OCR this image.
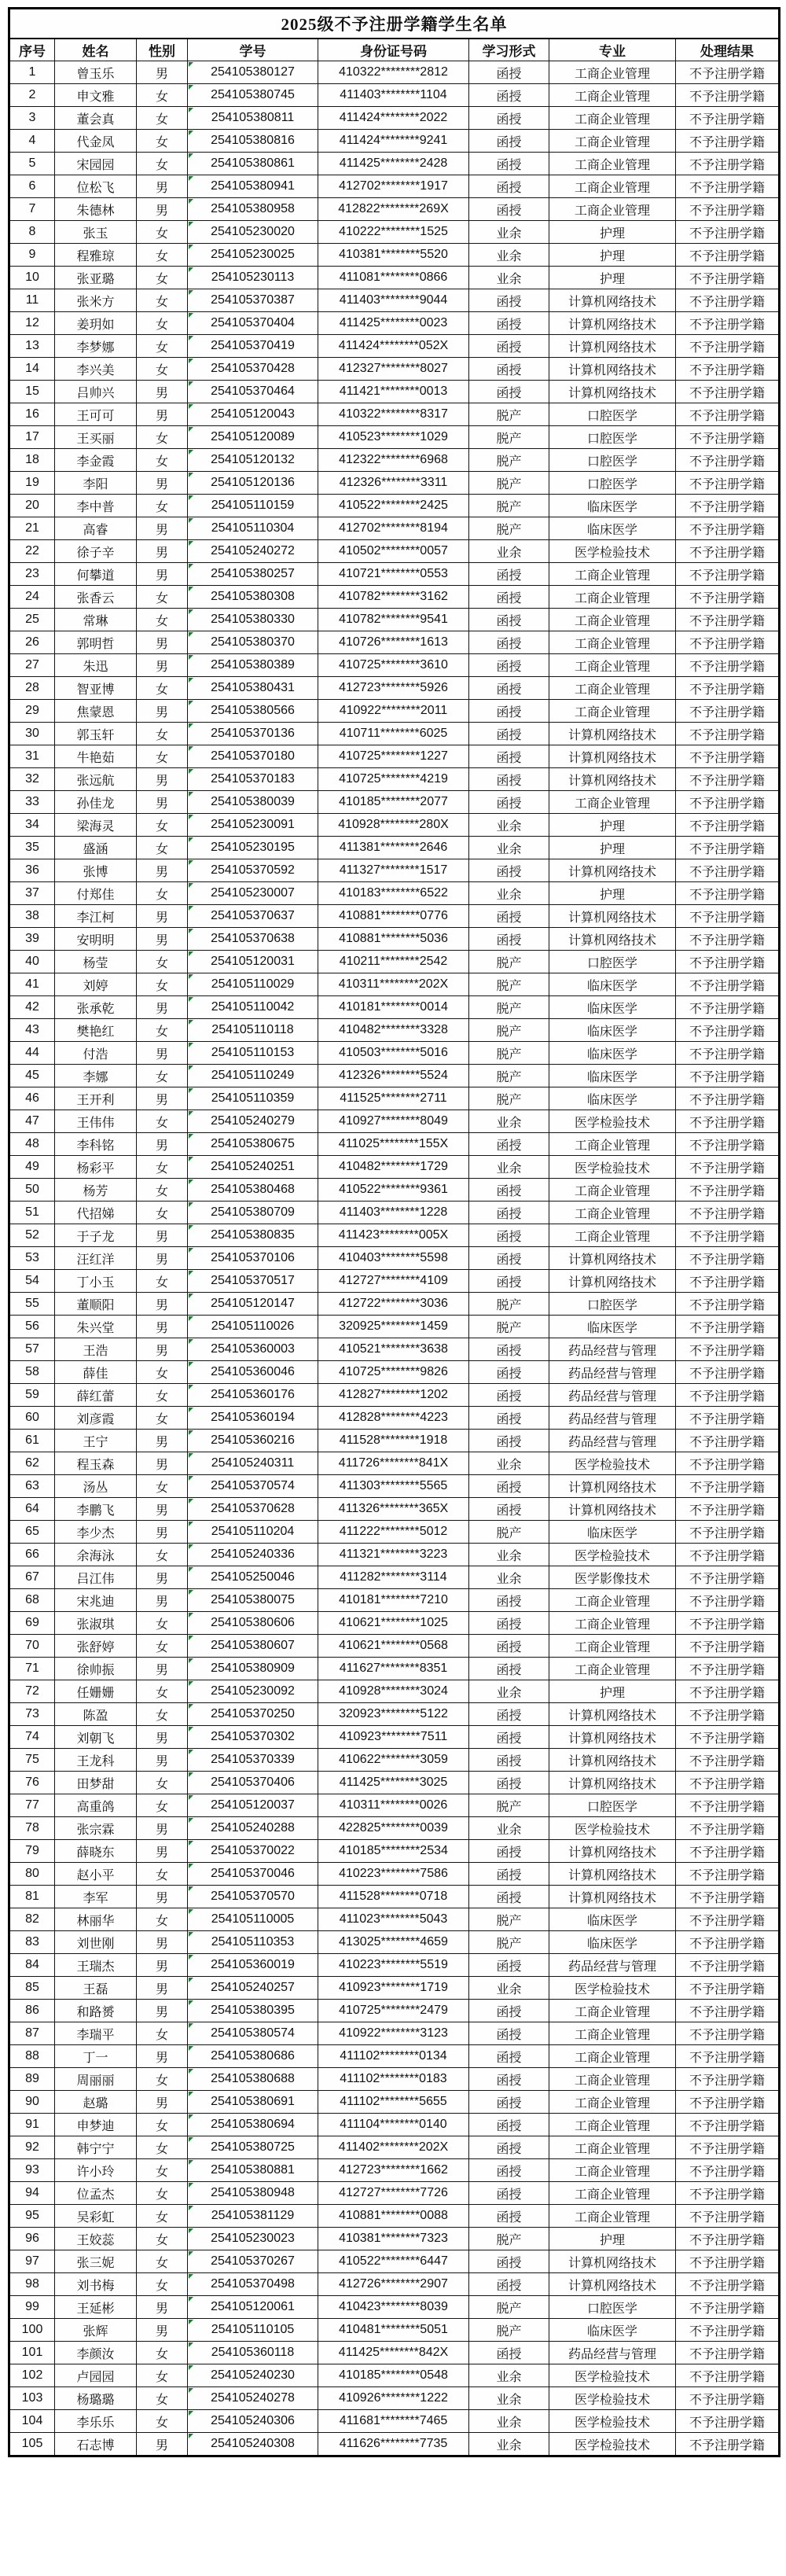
2025级不予注册学籍学生名单							
序号	姓名	性别	学号	身份证号码	学习形式	专业	处理结果
1	曾玉乐	男	254105380127	410322********2812	函授	工商企业管理	不予注册学籍
2	申文雅	女	254105380745	411403********1104	函授	工商企业管理	不予注册学籍
3	董会真	女	254105380811	411424********2022	函授	工商企业管理	不予注册学籍
4	代金凤	女	254105380816	411424********9241	函授	工商企业管理	不予注册学籍
5	宋园园	女	254105380861	411425********2428	函授	工商企业管理	不予注册学籍
6	位松飞	男	254105380941	412702********1917	函授	工商企业管理	不予注册学籍
7	朱德林	男	254105380958	412822********269X	函授	工商企业管理	不予注册学籍
8	张玉	女	254105230020	410222********1525	业余	护理	不予注册学籍
9	程雅琼	女	254105230025	410381********5520	业余	护理	不予注册学籍
10	张亚璐	女	254105230113	411081********0866	业余	护理	不予注册学籍
11	张米方	女	254105370387	411403********9044	函授	计算机网络技术	不予注册学籍
12	姜玥如	女	254105370404	411425********0023	函授	计算机网络技术	不予注册学籍
13	李梦娜	女	254105370419	411424********052X	函授	计算机网络技术	不予注册学籍
14	李兴美	女	254105370428	412327********8027	函授	计算机网络技术	不予注册学籍
15	吕帅兴	男	254105370464	411421********0013	函授	计算机网络技术	不予注册学籍
16	王可可	男	254105120043	410322********8317	脱产	口腔医学	不予注册学籍
17	王买丽	女	254105120089	410523********1029	脱产	口腔医学	不予注册学籍
18	李金霞	女	254105120132	412322********6968	脱产	口腔医学	不予注册学籍
19	李阳	男	254105120136	412326********3311	脱产	口腔医学	不予注册学籍
20	李中普	女	254105110159	410522********2425	脱产	临床医学	不予注册学籍
21	高睿	男	254105110304	412702********8194	脱产	临床医学	不予注册学籍
22	徐子辛	男	254105240272	410502********0057	业余	医学检验技术	不予注册学籍
23	何攀道	男	254105380257	410721********0553	函授	工商企业管理	不予注册学籍
24	张香云	女	254105380308	410782********3162	函授	工商企业管理	不予注册学籍
25	常琳	女	254105380330	410782********9541	函授	工商企业管理	不予注册学籍
26	郭明哲	男	254105380370	410726********1613	函授	工商企业管理	不予注册学籍
27	朱迅	男	254105380389	410725********3610	函授	工商企业管理	不予注册学籍
28	智亚博	女	254105380431	412723********5926	函授	工商企业管理	不予注册学籍
29	焦蒙恩	男	254105380566	410922********2011	函授	工商企业管理	不予注册学籍
30	郭玉轩	女	254105370136	410711********6025	函授	计算机网络技术	不予注册学籍
31	牛艳茹	女	254105370180	410725********1227	函授	计算机网络技术	不予注册学籍
32	张远航	男	254105370183	410725********4219	函授	计算机网络技术	不予注册学籍
33	孙佳龙	男	254105380039	410185********2077	函授	工商企业管理	不予注册学籍
34	梁海灵	女	254105230091	410928********280X	业余	护理	不予注册学籍
35	盛涵	女	254105230195	411381********2646	业余	护理	不予注册学籍
36	张博	男	254105370592	411327********1517	函授	计算机网络技术	不予注册学籍
37	付郑佳	女	254105230007	410183********6522	业余	护理	不予注册学籍
38	李江柯	男	254105370637	410881********0776	函授	计算机网络技术	不予注册学籍
39	安明明	男	254105370638	410881********5036	函授	计算机网络技术	不予注册学籍
40	杨莹	女	254105120031	410211********2542	脱产	口腔医学	不予注册学籍
41	刘婷	女	254105110029	410311********202X	脱产	临床医学	不予注册学籍
42	张承乾	男	254105110042	410181********0014	脱产	临床医学	不予注册学籍
43	樊艳红	女	254105110118	410482********3328	脱产	临床医学	不予注册学籍
44	付浩	男	254105110153	410503********5016	脱产	临床医学	不予注册学籍
45	李娜	女	254105110249	412326********5524	脱产	临床医学	不予注册学籍
46	王开利	男	254105110359	411525********2711	脱产	临床医学	不予注册学籍
47	王伟伟	女	254105240279	410927********8049	业余	医学检验技术	不予注册学籍
48	李科铭	男	254105380675	411025********155X	函授	工商企业管理	不予注册学籍
49	杨彩平	女	254105240251	410482********1729	业余	医学检验技术	不予注册学籍
50	杨芳	女	254105380468	410522********9361	函授	工商企业管理	不予注册学籍
51	代招娣	女	254105380709	411403********1228	函授	工商企业管理	不予注册学籍
52	于子龙	男	254105380835	411423********005X	函授	工商企业管理	不予注册学籍
53	汪红洋	男	254105370106	410403********5598	函授	计算机网络技术	不予注册学籍
54	丁小玉	女	254105370517	412727********4109	函授	计算机网络技术	不予注册学籍
55	董顺阳	男	254105120147	412722********3036	脱产	口腔医学	不予注册学籍
56	朱兴堂	男	254105110026	320925********1459	脱产	临床医学	不予注册学籍
57	王浩	男	254105360003	410521********3638	函授	药品经营与管理	不予注册学籍
58	薛佳	女	254105360046	410725********9826	函授	药品经营与管理	不予注册学籍
59	薛红蕾	女	254105360176	412827********1202	函授	药品经营与管理	不予注册学籍
60	刘彦霞	女	254105360194	412828********4223	函授	药品经营与管理	不予注册学籍
61	王宁	男	254105360216	411528********1918	函授	药品经营与管理	不予注册学籍
62	程玉森	男	254105240311	411726********841X	业余	医学检验技术	不予注册学籍
63	汤丛	女	254105370574	411303********5565	函授	计算机网络技术	不予注册学籍
64	李鹏飞	男	254105370628	411326********365X	函授	计算机网络技术	不予注册学籍
65	李少杰	男	254105110204	411222********5012	脱产	临床医学	不予注册学籍
66	余海泳	女	254105240336	411321********3223	业余	医学检验技术	不予注册学籍
67	吕江伟	男	254105250046	411282********3114	业余	医学影像技术	不予注册学籍
68	宋兆迪	男	254105380075	410181********7210	函授	工商企业管理	不予注册学籍
69	张淑琪	女	254105380606	410621********1025	函授	工商企业管理	不予注册学籍
70	张舒婷	女	254105380607	410621********0568	函授	工商企业管理	不予注册学籍
71	徐帅振	男	254105380909	411627********8351	函授	工商企业管理	不予注册学籍
72	任姗姗	女	254105230092	410928********3024	业余	护理	不予注册学籍
73	陈盈	女	254105370250	320923********5122	函授	计算机网络技术	不予注册学籍
74	刘朝飞	男	254105370302	410923********7511	函授	计算机网络技术	不予注册学籍
75	王龙科	男	254105370339	410622********3059	函授	计算机网络技术	不予注册学籍
76	田梦甜	女	254105370406	411425********3025	函授	计算机网络技术	不予注册学籍
77	高重鸽	女	254105120037	410311********0026	脱产	口腔医学	不予注册学籍
78	张宗霖	男	254105240288	422825********0039	业余	医学检验技术	不予注册学籍
79	薛晓东	男	254105370022	410185********2534	函授	计算机网络技术	不予注册学籍
80	赵小平	女	254105370046	410223********7586	函授	计算机网络技术	不予注册学籍
81	李军	男	254105370570	411528********0718	函授	计算机网络技术	不予注册学籍
82	林丽华	女	254105110005	411023********5043	脱产	临床医学	不予注册学籍
83	刘世刚	男	254105110353	413025********4659	脱产	临床医学	不予注册学籍
84	王瑞杰	男	254105360019	410223********5519	函授	药品经营与管理	不予注册学籍
85	王磊	男	254105240257	410923********1719	业余	医学检验技术	不予注册学籍
86	和路赟	男	254105380395	410725********2479	函授	工商企业管理	不予注册学籍
87	李瑞平	女	254105380574	410922********3123	函授	工商企业管理	不予注册学籍
88	丁一	男	254105380686	411102********0134	函授	工商企业管理	不予注册学籍
89	周丽丽	女	254105380688	411102********0183	函授	工商企业管理	不予注册学籍
90	赵璐	男	254105380691	411102********5655	函授	工商企业管理	不予注册学籍
91	申梦迪	女	254105380694	411104********0140	函授	工商企业管理	不予注册学籍
92	韩宁宁	女	254105380725	411402********202X	函授	工商企业管理	不予注册学籍
93	许小玲	女	254105380881	412723********1662	函授	工商企业管理	不予注册学籍
94	位孟杰	女	254105380948	412727********7726	函授	工商企业管理	不予注册学籍
95	吴彩虹	女	254105381129	410881********0088	函授	工商企业管理	不予注册学籍
96	王姣蕊	女	254105230023	410381********7323	脱产	护理	不予注册学籍
97	张三妮	女	254105370267	410522********6447	函授	计算机网络技术	不予注册学籍
98	刘书梅	女	254105370498	412726********2907	函授	计算机网络技术	不予注册学籍
99	王延彬	男	254105120061	410423********8039	脱产	口腔医学	不予注册学籍
100	张辉	男	254105110105	410481********5051	脱产	临床医学	不予注册学籍
101	李颜汝	女	254105360118	411425********842X	函授	药品经营与管理	不予注册学籍
102	卢园园	女	254105240230	410185********0548	业余	医学检验技术	不予注册学籍
103	杨璐璐	女	254105240278	410926********1222	业余	医学检验技术	不予注册学籍
104	李乐乐	女	254105240306	411681********7465	业余	医学检验技术	不予注册学籍
105	石志博	男	254105240308	411626********7735	业余	医学检验技术	不予注册学籍
